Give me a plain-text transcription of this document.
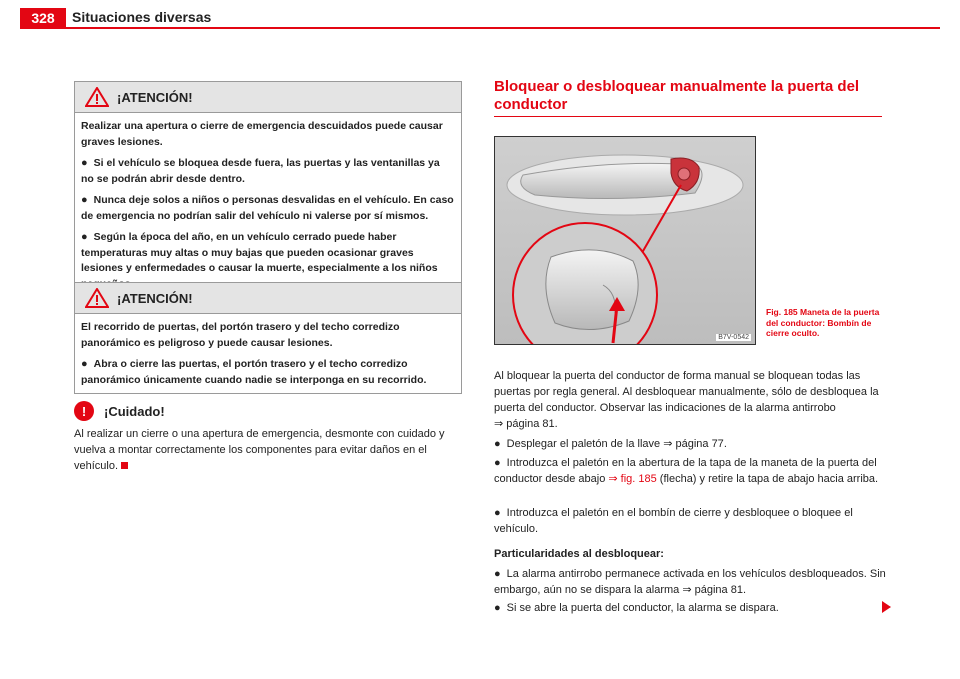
328	Situaciones diversas
¡ATENCIÓN!

Realizar una apertura o cierre de emergencia descuidados puede causar graves lesiones.

● Si el vehículo se bloquea desde fuera, las puertas y las ventanillas ya no se podrán abrir desde dentro.

● Nunca deje solos a niños o personas desvalidas en el vehículo. En caso de emergencia no podrían salir del vehículo ni valerse por sí mismos.

● Según la época del año, en un vehículo cerrado puede haber temperaturas muy altas o muy bajas que pueden ocasionar graves lesiones y enfermedades o causar la muerte, especialmente a los niños

¡ATENCIÓN!

El recorrido de puertas, del portón trasero y del techo corredizo panorámico es peligroso y puede causar lesiones.

● Abra o cierre las puertas, el portón trasero y el techo corredizo panorámico únicamente cuando nadie se interponga en su recorrido.

!	¡Cuidado!
Al realizar un cierre o una apertura de emergencia, desmonte con cuidado y vuelva a montar correctamente los componentes para evitar daños en el vehículo.
Bloquear o desbloquear manualmente la puerta del conductor
B7V-0542
Fig. 185 Maneta de la puerta del conductor: Bombín de cierre oculto.

Al bloquear la puerta del conductor de forma manual se bloquean todas las puertas por regla general. Al desbloquear manualmente, sólo de desbloquea la puerta del conductor. Observar las indicaciones de la alarma antirrobo
⇒ página 81.

● Desplegar el paletón de la llave ⇒ página 77.

● Introduzca el paletón en la abertura de la tapa de la maneta de la puerta del conductor desde abajo ⇒ fig. 185 (flecha) y retire la tapa de abajo hacia arriba.

● Introduzca el paletón en el bombín de cierre y desbloquee o bloquee el vehículo.

Particularidades al desbloquear:

● La alarma antirrobo permanece activada en los vehículos desbloqueados. Sin embargo, aún no se dispara la alarma ⇒ página 81.

● Si se abre la puerta del conductor, la alarma se dispara.
